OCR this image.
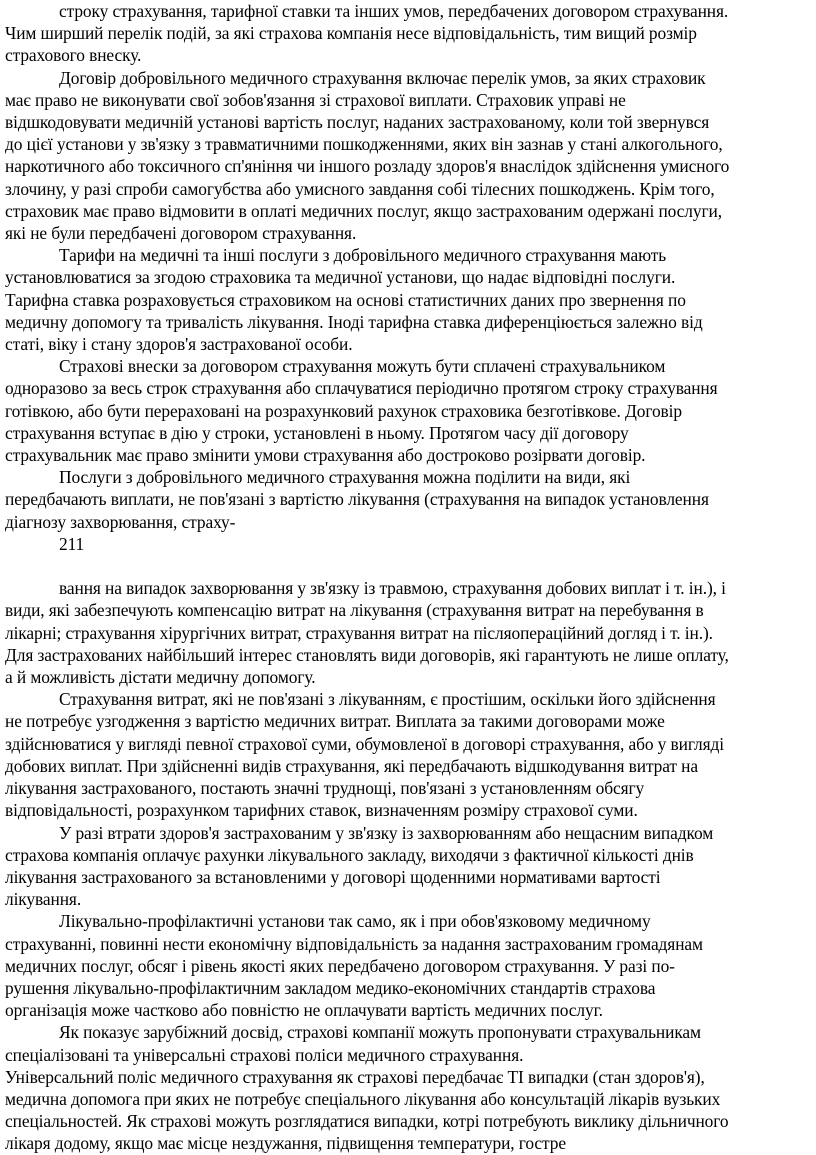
строку страхування, тарифної ставки та інших умов, передбачених договором страхування.
Чим ширший перелік подій, за які страхова компанія несе відповідальність, тим вищий розмір
страхового внеску.
Договір добровільного медичного страхування включає перелік умов, за яких страховик
має право не виконувати свої зобов'язання зі страхової виплати. Страховик управі не
відшкодовувати медичній установі вартість послуг, наданих застрахованому, коли той звернувся
до цієї установи у зв'язку з травматичними пошкодженнями, яких він зазнав у стані алкогольного,
наркотичного або токсичного сп'яніння чи іншого розладу здоров'я внаслідок здійснення умисного
злочину, у разі спроби самогубства або умисного завдання собі тілесних пошкоджень. Крім того,
страховик має право відмовити в оплаті медичних послуг, якщо застрахованим одержані послуги,
які не були передбачені договором страхування.
Тарифи на медичні та інші послуги з добровільного медичного страхування мають
установлюватися за згодою страховика та медичної установи, що надає відповідні послуги.
Тарифна ставка розраховується страховиком на основі статистичних даних про звернення по
медичну допомогу та тривалість лікування. Іноді тарифна ставка диференціюється залежно від
статі, віку і стану здоров'я застрахованої особи.
Страхові внески за договором страхування можуть бути сплачені страхувальником
одноразово за весь строк страхування або сплачуватися періодично протягом строку страхування
готівкою, або бути перераховані на розрахунковий рахунок страховика безготівкове. Договір
страхування вступає в дію у строки, установлені в ньому. Протягом часу дії договору
страхувальник має право змінити умови страхування або достроково розірвати договір.
Послуги з добровільного медичного страхування можна поділити на види, які
передбачають виплати, не пов'язані з вартістю лікування (страхування на випадок установлення
діагнозу захворювання, страху-
211
вання на випадок захворювання у зв'язку із травмою, страхування добових виплат і т. ін.), і
види, які забезпечують компенсацію витрат на лікування (страхування витрат на перебування в
лікарні; страхування хірургічних витрат, страхування витрат на післяопераційний догляд і т. ін.).
Для застрахованих найбільший інтерес становлять види договорів, які гарантують не лише оплату,
а й можливість дістати медичну допомогу.
Страхування витрат, які не пов'язані з лікуванням, є простішим, оскільки його здійснення
не потребує узгодження з вартістю медичних витрат. Виплата за такими договорами може
здійснюватися у вигляді певної страхової суми, обумовленої в договорі страхування, або у вигляді
добових виплат. При здійсненні видів страхування, які передбачають відшкодування витрат на
лікування застрахованого, постають значні труднощі, пов'язані з установленням обсягу
відповідальності, розрахунком тарифних ставок, визначенням розміру страхової суми.
У разі втрати здоров'я застрахованим у зв'язку із захворюванням або нещасним випадком
страхова компанія оплачує рахунки лікувального закладу, виходячи з фактичної кількості днів
лікування застрахованого за встановленими у договорі щоденними нормативами вартості
лікування.
Лікувально-профілактичні установи так само, як і при обов'язковому медичному
страхуванні, повинні нести економічну відповідальність за надання застрахованим громадянам
медичних послуг, обсяг і рівень якості яких передбачено договором страхування. У разі по-
рушення лікувально-профілактичним закладом медико-економічних стандартів страхова
організація може частково або повністю не оплачувати вартість медичних послуг.
Як показує зарубіжний досвід, страхові компанії можуть пропонувати страхувальникам
спеціалізовані та універсальні страхові поліси медичного страхування.
Універсальний поліс медичного страхування як страхові передбачає ТІ випадки (стан здоров'я),
медична допомога при яких не потребує спеціального лікування або консультацій лікарів вузьких
спеціальностей. Як страхові можуть розглядатися випадки, котрі потребують виклику дільничного
лікаря додому, якщо має місце нездужання, підвищення температури, гостре
